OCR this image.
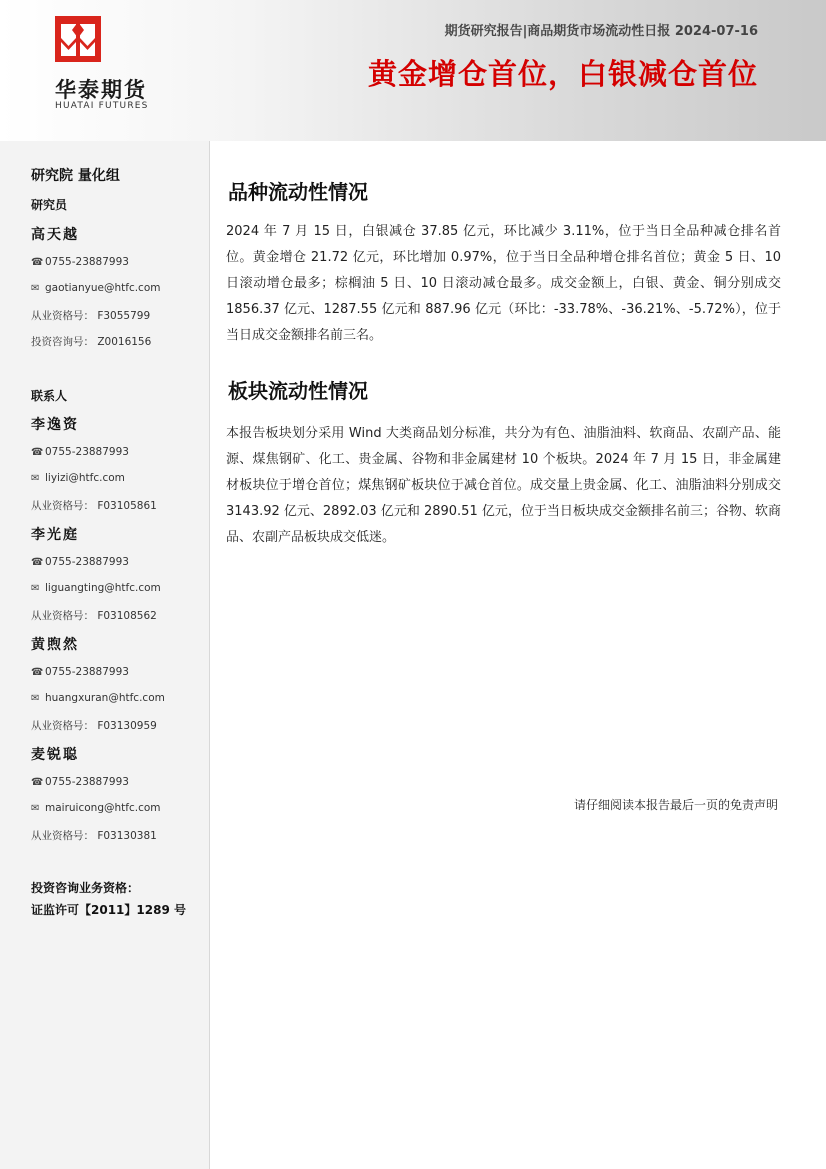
华泰期货
HUATAI FUTURES
期货研究报告|商品期货市场流动性日报 2024-07-16
黄金增仓首位，白银减仓首位
研究院 量化组
研究员
高天越
☎ 0755-23887993
✉ gaotianyue@htfc.com
从业资格号： F3055799
投资咨询号： Z0016156
联系人
李逸资
☎ 0755-23887993
✉ liyizi@htfc.com
从业资格号： F03105861
李光庭
☎ 0755-23887993
✉ liguangting@htfc.com
从业资格号： F03108562
黄煦然
☎ 0755-23887993
✉ huangxuran@htfc.com
从业资格号： F03130959
麦锐聪
☎ 0755-23887993
✉ mairuicong@htfc.com
从业资格号： F03130381
投资咨询业务资格：
证监许可【2011】1289 号
品种流动性情况
2024 年 7 月 15 日，白银减仓 37.85 亿元，环比减少 3.11%，位于当日全品种减仓排名首位。黄金增仓 21.72 亿元，环比增加 0.97%，位于当日全品种增仓排名首位；黄金 5 日、10 日滚动增仓最多；棕榈油 5 日、10 日滚动减仓最多。成交金额上，白银、黄金、铜分别成交 1856.37 亿元、1287.55 亿元和 887.96 亿元（环比：-33.78%、-36.21%、-5.72%），位于当日成交金额排名前三名。
板块流动性情况
本报告板块划分采用 Wind 大类商品划分标准，共分为有色、油脂油料、软商品、农副产品、能源、煤焦钢矿、化工、贵金属、谷物和非金属建材 10 个板块。2024 年 7 月 15 日，非金属建材板块位于增仓首位；煤焦钢矿板块位于减仓首位。成交量上贵金属、化工、油脂油料分别成交 3143.92 亿元、2892.03 亿元和 2890.51 亿元，位于当日板块成交金额排名前三；谷物、软商品、农副产品板块成交低迷。
请仔细阅读本报告最后一页的免责声明
